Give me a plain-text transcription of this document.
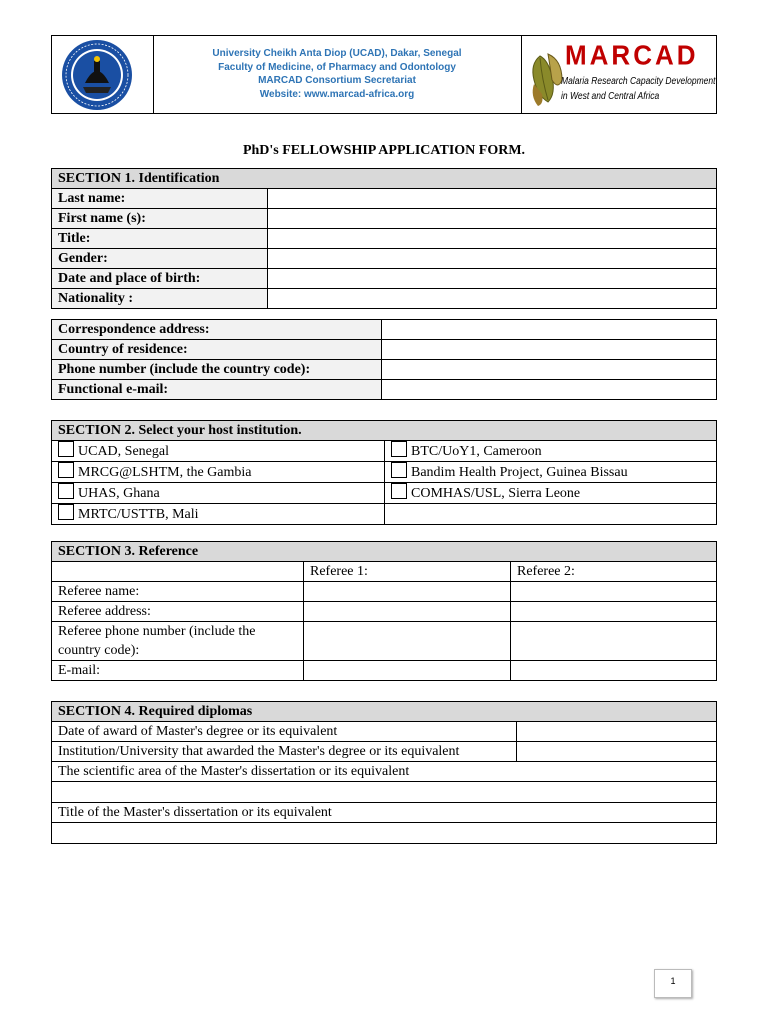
University Cheikh Anta Diop (UCAD), Dakar, Senegal
Faculty of Medicine, of Pharmacy and Odontology
MARCAD Consortium Secretariat
Website: www.marcad-africa.org
MARCAD
Malaria Research Capacity Development
in West and Central Africa
PhD's FELLOWSHIP APPLICATION FORM.
SECTION 1. Identification	
Last name:	
First name (s):	
Title:	
Gender:	
Date and place of birth:	
Nationality :	
Correspondence address:	
Country of residence:	
Phone number (include the country code):	
Functional e-mail:	
SECTION 2. Select your host institution.	
UCAD, Senegal	BTC/UoY1, Cameroon
MRCG@LSHTM, the Gambia	Bandim Health Project, Guinea Bissau
UHAS, Ghana	COMHAS/USL, Sierra Leone
MRTC/USTTB, Mali	
SECTION 3. Reference		
	Referee 1:	Referee 2:
Referee name:		
Referee address:		

Referee phone number (include the
country code):		

E-mail:		
SECTION 4. Required diplomas	
Date of award of Master's degree or its equivalent	
Institution/University that awarded the Master's degree or its equivalent	
The scientific area of the Master's dissertation or its equivalent	

Title of the Master's dissertation or its equivalent	

1
